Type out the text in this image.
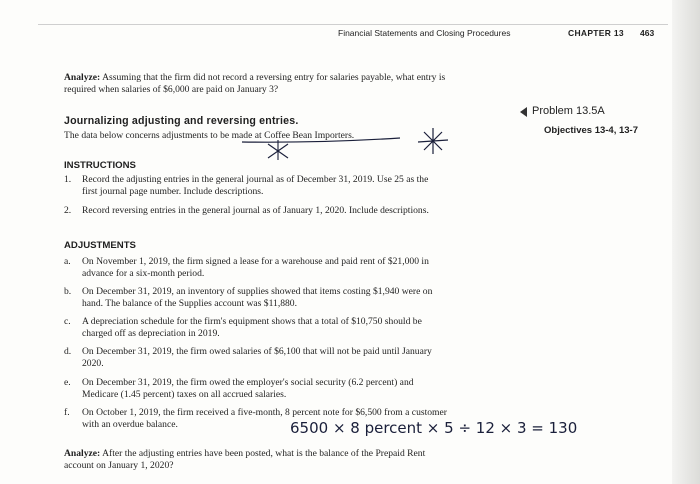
Financial Statements and Closing Procedures	CHAPTER 13 463
Analyze: Assuming that the firm did not record a reversing entry for salaries payable, what entry is
required when salaries of $6,000 are paid on January 3?
Journalizing adjusting and reversing entries.
The data below concerns adjustments to be made at Coffee Bean Importers.
Problem 13.5A
Objectives 13-4, 13-7
INSTRUCTIONS
1. Record the adjusting entries in the general journal as of December 31, 2019. Use 25 as the
first journal page number. Include descriptions.
2. Record reversing entries in the general journal as of January 1, 2020. Include descriptions.
ADJUSTMENTS
a. On November 1, 2019, the firm signed a lease for a warehouse and paid rent of $21,000 in
advance for a six-month period.
b. On December 31, 2019, an inventory of supplies showed that items costing $1,940 were on
hand. The balance of the Supplies account was $11,880.
c. A depreciation schedule for the firm's equipment shows that a total of $10,750 should be
charged off as depreciation in 2019.
d. On December 31, 2019, the firm owed salaries of $6,100 that will not be paid until January
2020.
e. On December 31, 2019, the firm owed the employer's social security (6.2 percent) and
Medicare (1.45 percent) taxes on all accrued salaries.
f. On October 1, 2019, the firm received a five-month, 8 percent note for $6,500 from a customer
with an overdue balance.	6500 × 8 percent × 5 ÷ 12 × 3 = 130
Analyze: After the adjusting entries have been posted, what is the balance of the Prepaid Rent
account on January 1, 2020?
